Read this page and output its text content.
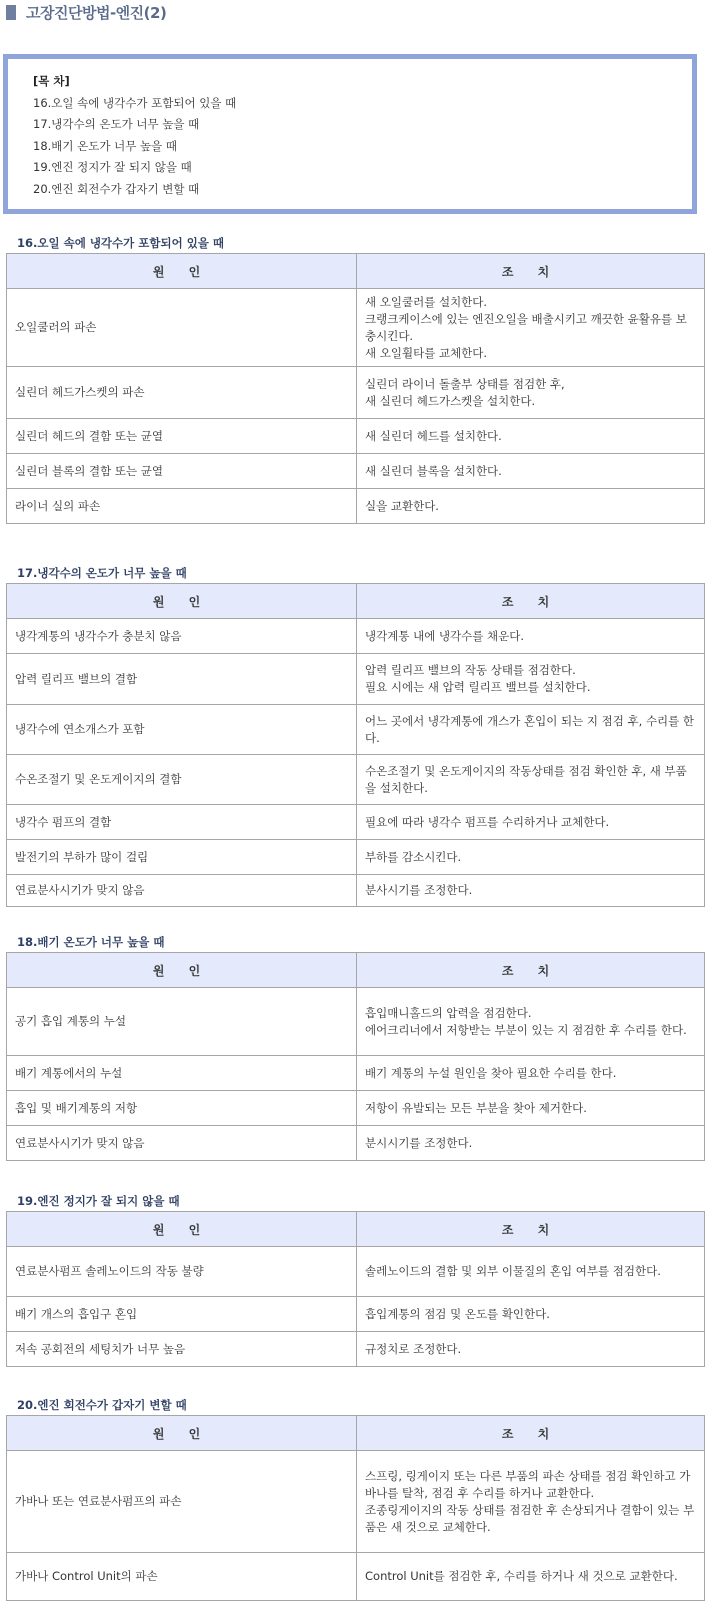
고장진단방법-엔진(2)
[목 차]
16.오일 속에 냉각수가 포함되어 있을 때
17.냉각수의 온도가 너무 높을 때
18.배기 온도가 너무 높을 때
19.엔진 정지가 잘 되지 않을 때
20.엔진 회전수가 갑자기 변할 때
16.오일 속에 냉각수가 포함되어 있을 때
원 인	조 치
오일쿨러의 파손	새 오일쿨러를 설치한다.
크랭크케이스에 있는 엔진오일을 배출시키고 깨끗한 윤활유를 보충시킨다.
새 오일휠타를 교체한다.
실린더 헤드가스켓의 파손	실린더 라이너 돌출부 상태를 점검한 후,
새 실린더 헤드가스켓을 설치한다.
실린더 헤드의 결함 또는 균열	새 실린더 헤드를 설치한다.
실린더 블록의 결함 또는 균열	새 실린더 블록을 설치한다.
라이너 실의 파손	실을 교환한다.
17.냉각수의 온도가 너무 높을 때
원 인	조 치
냉각계통의 냉각수가 충분치 않음	냉각계통 내에 냉각수를 채운다.
압력 릴리프 밸브의 결함	압력 릴리프 밸브의 작동 상태를 점검한다.
필요 시에는 새 압력 릴리프 밸브를 설치한다.
냉각수에 연소개스가 포함	어느 곳에서 냉각계통에 개스가 혼입이 되는 지 점검 후, 수리를 한다.
수온조절기 및 온도게이지의 결함	수온조절기 및 온도게이지의 작동상태를 점검 확인한 후, 새 부품을 설치한다.
냉각수 펌프의 결함	필요에 따라 냉각수 펌프를 수리하거나 교체한다.
발전기의 부하가 많이 걸림	부하를 감소시킨다.
연료분사시기가 맞지 않음	분사시기를 조정한다.
18.배기 온도가 너무 높을 때
원 인	조 치
공기 흡입 계통의 누설	흡입매니홀드의 압력을 점검한다.
에어크리너에서 저항받는 부분이 있는 지 점검한 후 수리를 한다.
배기 계통에서의 누설	배기 계통의 누설 원인을 찾아 필요한 수리를 한다.
흡입 및 배기계통의 저항	저항이 유발되는 모든 부분을 찾아 제거한다.
연료분사시기가 맞지 않음	분시시기를 조정한다.
19.엔진 정지가 잘 되지 않을 때
원 인	조 치
연료분사펌프 솔레노이드의 작동 불량	솔레노이드의 결함 및 외부 이물질의 혼입 여부를 점검한다.
배기 개스의 흡입구 혼입	흡입계통의 점검 및 온도를 확인한다.
저속 공회전의 세팅치가 너무 높음	규정치로 조정한다.
20.엔진 회전수가 갑자기 변할 때
원 인	조 치
가바나 또는 연료분사펌프의 파손	스프링, 링게이지 또는 다른 부품의 파손 상태를 점검 확인하고 가바나를 탈착, 점검 후 수리를 하거나 교환한다.
조종링게이지의 작동 상태를 점검한 후 손상되거나 결함이 있는 부품은 새 것으로 교체한다.
가바나 Control Unit의 파손	Control Unit를 점검한 후, 수리를 하거나 새 것으로 교환한다.
